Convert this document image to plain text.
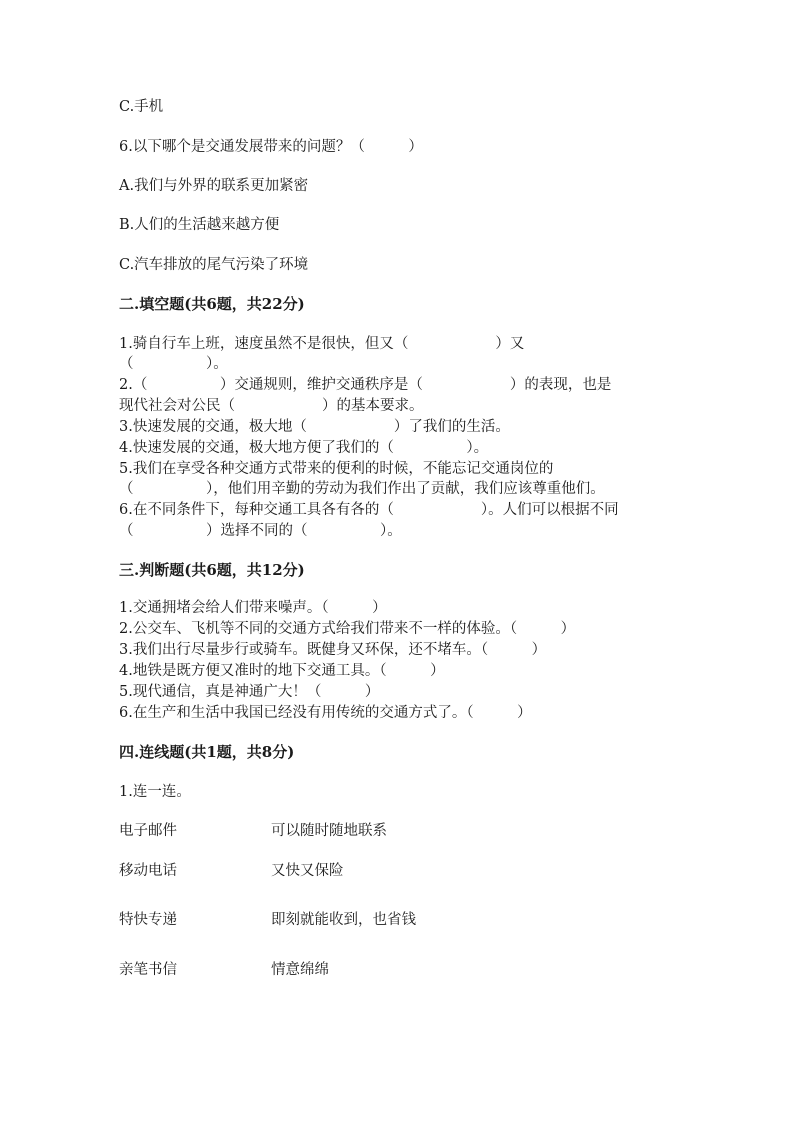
C.手机
6.以下哪个是交通发展带来的问题？（　　　）
A.我们与外界的联系更加紧密
B.人们的生活越来越方便
C.汽车排放的尾气污染了环境
二.填空题(共6题，共22分)
1.骑自行车上班，速度虽然不是很快，但又（　　　　　　）又
（　　　　　）。
2.（　　　　　）交通规则，维护交通秩序是（　　　　　　）的表现，也是
现代社会对公民（　　　　　　）的基本要求。
3.快速发展的交通，极大地（　　　　　　）了我们的生活。
4.快速发展的交通，极大地方便了我们的（　　　　　）。
5.我们在享受各种交通方式带来的便利的时候，不能忘记交通岗位的
（　　　　　），他们用辛勤的劳动为我们作出了贡献，我们应该尊重他们。
6.在不同条件下，每种交通工具各有各的（　　　　　　）。人们可以根据不同
（　　　　　）选择不同的（　　　　　）。
三.判断题(共6题，共12分)
1.交通拥堵会给人们带来噪声。（　　　）
2.公交车、飞机等不同的交通方式给我们带来不一样的体验。（　　　）
3.我们出行尽量步行或骑车。既健身又环保，还不堵车。（　　　）
4.地铁是既方便又准时的地下交通工具。（　　　）
5.现代通信，真是神通广大！（　　　）
6.在生产和生活中我国已经没有用传统的交通方式了。（　　　）
四.连线题(共1题，共8分)
1.连一连。
电子邮件	可以随时随地联系
移动电话	又快又保险
特快专递	即刻就能收到，也省钱
亲笔书信	情意绵绵
